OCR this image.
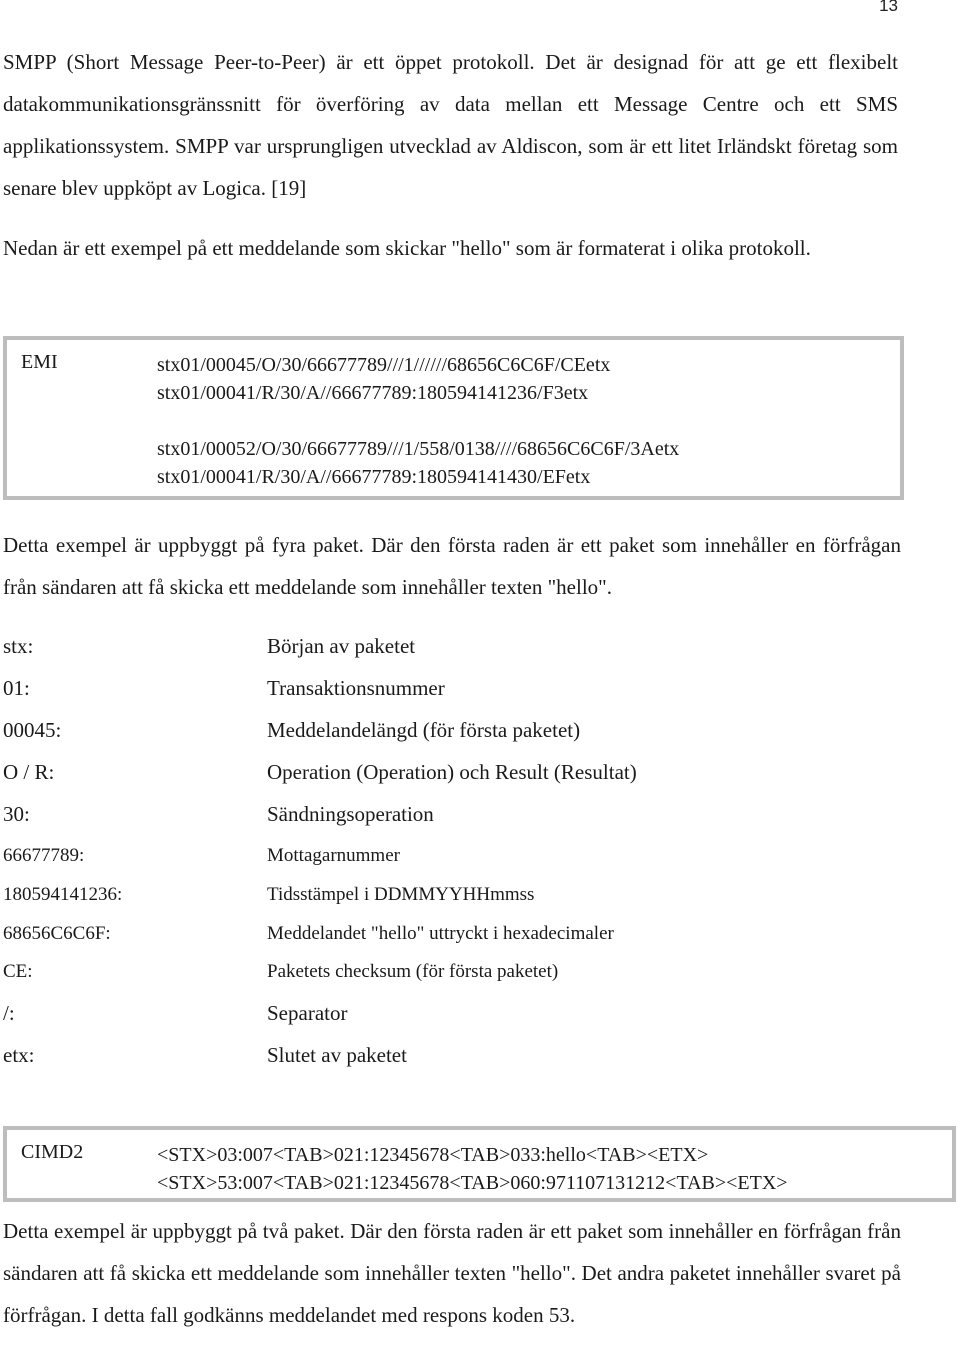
13

SMPP (Short Message Peer-to-Peer) är ett öppet protokoll. Det är designad för att ge ett flexibelt datakommunikationsgränssnitt för överföring av data mellan ett Message Centre och ett SMS applikationssystem. SMPP var ursprungligen utvecklad av Aldiscon, som är ett litet Irländskt företag som senare blev uppköpt av Logica. [19]

Nedan är ett exempel på ett meddelande som skickar "hello" som är formaterat i olika protokoll.

EMI	stx01/00045/O/30/66677789///1//////68656C6C6F/CEetx
stx01/00041/R/30/A//66677789:180594141236/F3etx
stx01/00052/O/30/66677789///1/558/0138////68656C6C6F/3Aetx
stx01/00041/R/30/A//66677789:180594141430/EFetx

Detta exempel är uppbyggt på fyra paket. Där den första raden är ett paket som innehåller en förfrågan från sändaren att få skicka ett meddelande som innehåller texten "hello".

stx:	Början av paketet
01:	Transaktionsnummer
00045:	Meddelandelängd (för första paketet)
O / R:	Operation (Operation) och Result (Resultat)
30:	Sändningsoperation
66677789:	Mottagarnummer
180594141236:	Tidsstämpel i DDMMYYHHmmss
68656C6C6F:	Meddelandet "hello" uttryckt i hexadecimaler
CE:	Paketets checksum (för första paketet)
/:	Separator
etx:	Slutet av paketet
CIMD2	<STX>03:007<TAB>021:12345678<TAB>033:hello<TAB><ETX>
<STX>53:007<TAB>021:12345678<TAB>060:971107131212<TAB><ETX>

Detta exempel är uppbyggt på två paket. Där den första raden är ett paket som innehåller en förfrågan från sändaren att få skicka ett meddelande som innehåller texten "hello". Det andra paketet innehåller svaret på förfrågan. I detta fall godkänns meddelandet med respons koden 53.
